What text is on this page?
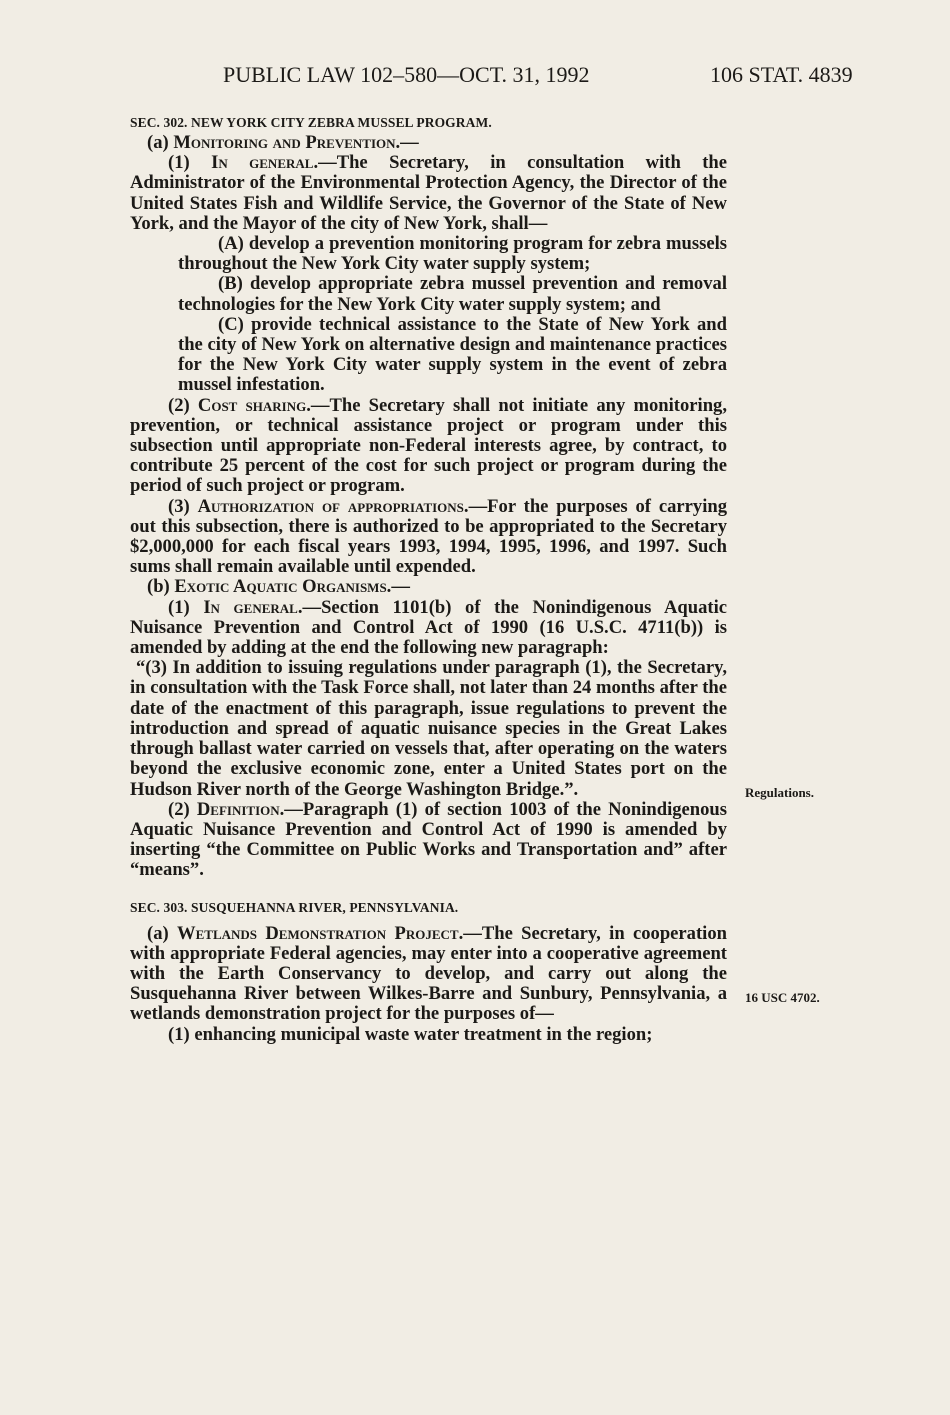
PUBLIC LAW 102–580—OCT. 31, 1992	106 STAT. 4839

SEC. 302. NEW YORK CITY ZEBRA MUSSEL PROGRAM.

(a) Monitoring and Prevention.—

(1) In general.—The Secretary, in consultation with the Administrator of the Environmental Protection Agency, the Director of the United States Fish and Wildlife Service, the Governor of the State of New York, and the Mayor of the city of New York, shall—

(A) develop a prevention monitoring program for zebra mussels throughout the New York City water supply system;

(B) develop appropriate zebra mussel prevention and removal technologies for the New York City water supply system; and

(C) provide technical assistance to the State of New York and the city of New York on alternative design and maintenance practices for the New York City water supply system in the event of zebra mussel infestation.

(2) Cost sharing.—The Secretary shall not initiate any monitoring, prevention, or technical assistance project or program under this subsection until appropriate non-Federal interests agree, by contract, to contribute 25 percent of the cost for such project or program during the period of such project or program.

(3) Authorization of appropriations.—For the purposes of carrying out this subsection, there is authorized to be appropriated to the Secretary $2,000,000 for each fiscal years 1993, 1994, 1995, 1996, and 1997. Such sums shall remain available until expended.

(b) Exotic Aquatic Organisms.—

(1) In general.—Section 1101(b) of the Nonindigenous Aquatic Nuisance Prevention and Control Act of 1990 (16 U.S.C. 4711(b)) is amended by adding at the end the following new paragraph:

“(3) In addition to issuing regulations under paragraph (1), the Secretary, in consultation with the Task Force shall, not later than 24 months after the date of the enactment of this paragraph, issue regulations to prevent the introduction and spread of aquatic nuisance species in the Great Lakes through ballast water carried on vessels that, after operating on the waters beyond the exclusive economic zone, enter a United States port on the Hudson River north of the George Washington Bridge.”.

(2) Definition.—Paragraph (1) of section 1003 of the Nonindigenous Aquatic Nuisance Prevention and Control Act of 1990 is amended by inserting “the Committee on Public Works and Transportation and” after “means”.

SEC. 303. SUSQUEHANNA RIVER, PENNSYLVANIA.

(a) Wetlands Demonstration Project.—The Secretary, in cooperation with appropriate Federal agencies, may enter into a cooperative agreement with the Earth Conservancy to develop, and carry out along the Susquehanna River between Wilkes-Barre and Sunbury, Pennsylvania, a wetlands demonstration project for the purposes of—

(1) enhancing municipal waste water treatment in the region;

Regulations.
16 USC 4702.
